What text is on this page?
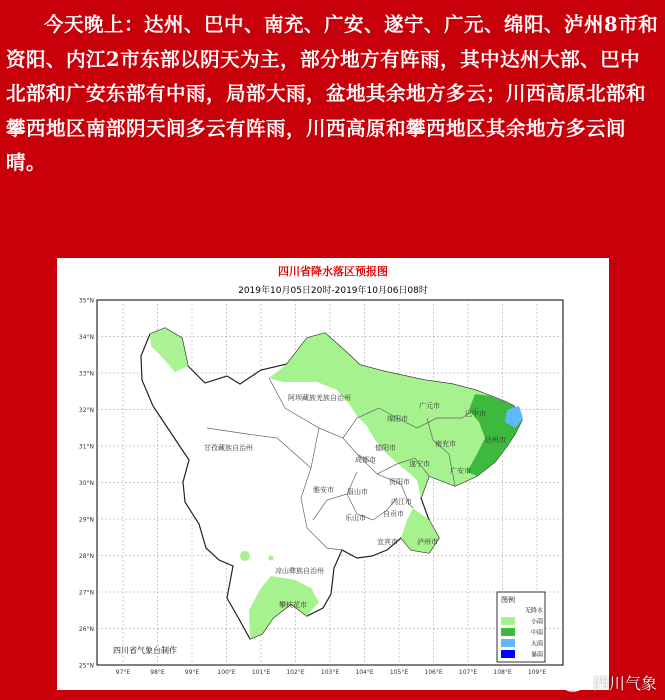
今天晚上：达州、巴中、南充、广安、遂宁、广元、绵阳、泸州8市和资阳、内江2市东部以阴天为主，部分地方有阵雨，其中达州大部、巴中北部和广安东部有中雨，局部大雨，盆地其余地方多云；川西高原北部和攀西地区南部阴天间多云有阵雨，川西高原和攀西地区其余地方多云间晴。
35°N
34°N
33°N
32°N
31°N
30°N
29°N
28°N
27°N
26°N
25°N
97°E	98°E	99°E	100°E	101°E	102°E	103°E	104°E	105°E	106°E	107°E	108°E	109°E
阿坝藏族羌族自治州
甘孜藏族自治州
凉山彝族自治州
攀枝花市
绵阳市
广元市
巴中市
达州市
南充市
德阳市
成都市	遂宁市
广安市
资阳市
雅安市 眉山市
内江市
乐山市 自贡市
宜宾市	泸州市
四川省降水落区预报图
2019年10月05日20时-2019年10月06日08时
四川省气象台制作
图例
无降水
小雨
中雨
大雨
暴雨
四川气象
